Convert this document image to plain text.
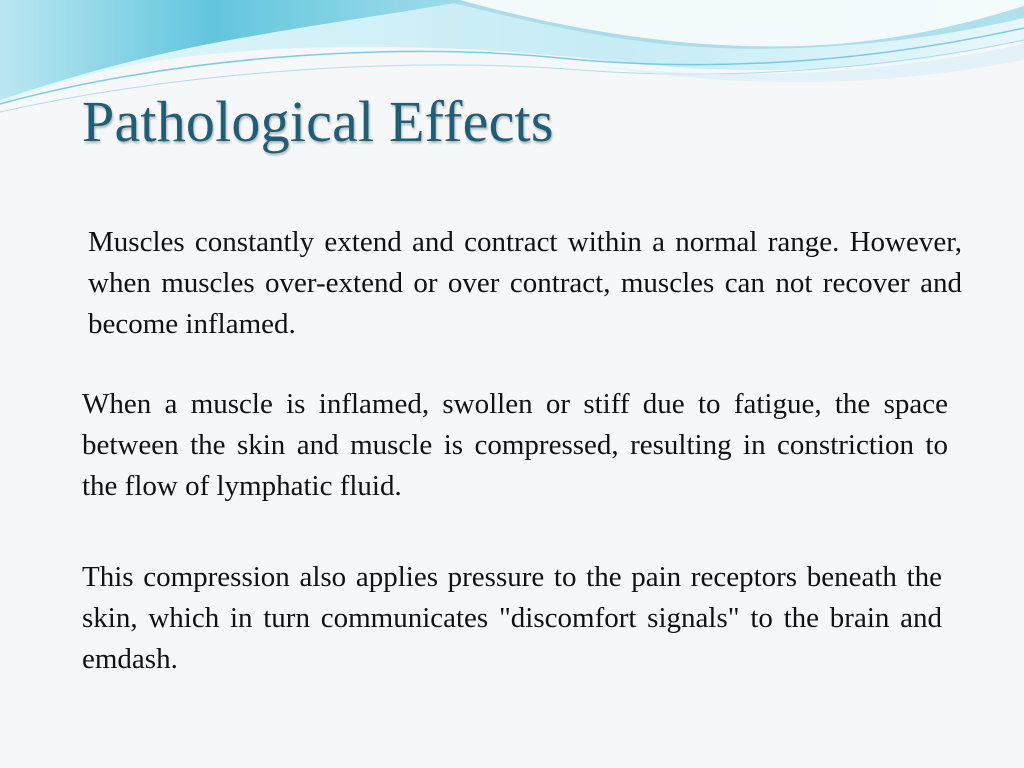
Pathological Effects

Muscles constantly extend and contract within a normal range. However, when muscles over-extend or over contract, muscles can not recover and become inflamed.

When a muscle is inflamed, swollen or stiff due to fatigue, the space between the skin and muscle is compressed, resulting in constriction to the flow of lymphatic fluid.

This compression also applies pressure to the pain receptors beneath the skin, which in turn communicates "discomfort signals" to the brain and emdash.
